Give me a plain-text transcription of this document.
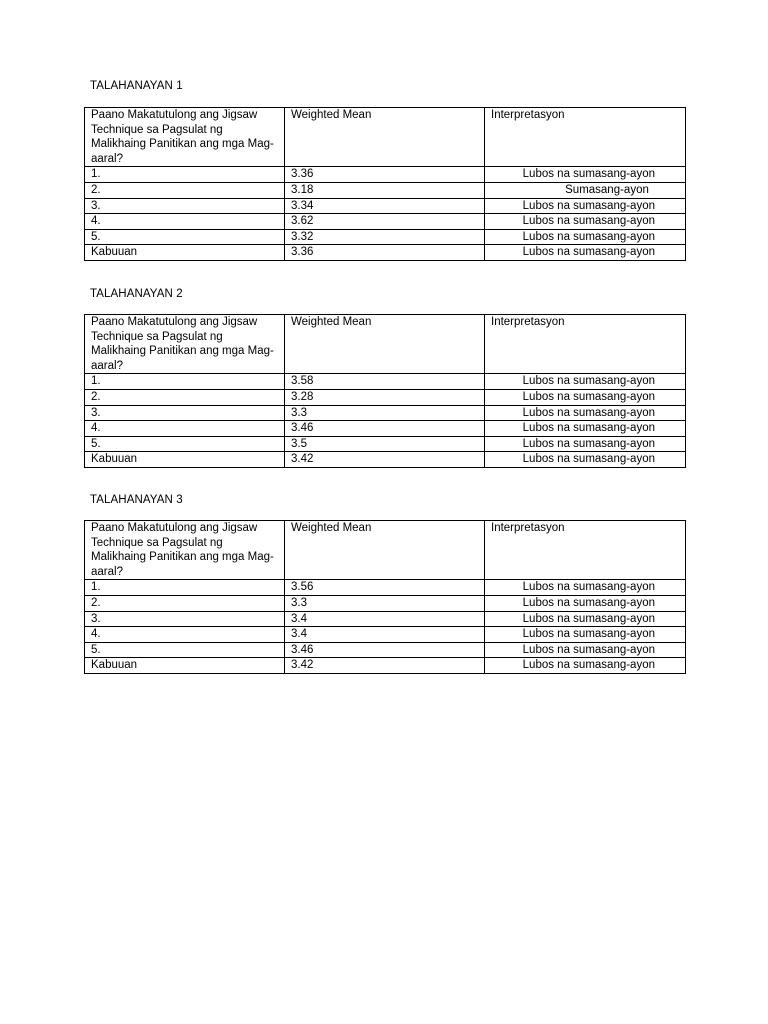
TALAHANAYAN 1
Paano Makatutulong ang Jigsaw Technique sa Pagsulat ng Malikhaing Panitikan ang mga Mag-aaral?	Weighted Mean	Interpretasyon
1.	3.36	Lubos na sumasang-ayon
2.	3.18	Sumasang-ayon
3.	3.34	Lubos na sumasang-ayon
4.	3.62	Lubos na sumasang-ayon
5.	3.32	Lubos na sumasang-ayon
Kabuuan	3.36	Lubos na sumasang-ayon
TALAHANAYAN 2
Paano Makatutulong ang Jigsaw Technique sa Pagsulat ng Malikhaing Panitikan ang mga Mag-aaral?	Weighted Mean	Interpretasyon
1.	3.58	Lubos na sumasang-ayon
2.	3.28	Lubos na sumasang-ayon
3.	3.3	Lubos na sumasang-ayon
4.	3.46	Lubos na sumasang-ayon
5.	3.5	Lubos na sumasang-ayon
Kabuuan	3.42	Lubos na sumasang-ayon
TALAHANAYAN 3
Paano Makatutulong ang Jigsaw Technique sa Pagsulat ng Malikhaing Panitikan ang mga Mag-aaral?	Weighted Mean	Interpretasyon
1.	3.56	Lubos na sumasang-ayon
2.	3.3	Lubos na sumasang-ayon
3.	3.4	Lubos na sumasang-ayon
4.	3.4	Lubos na sumasang-ayon
5.	3.46	Lubos na sumasang-ayon
Kabuuan	3.42	Lubos na sumasang-ayon
